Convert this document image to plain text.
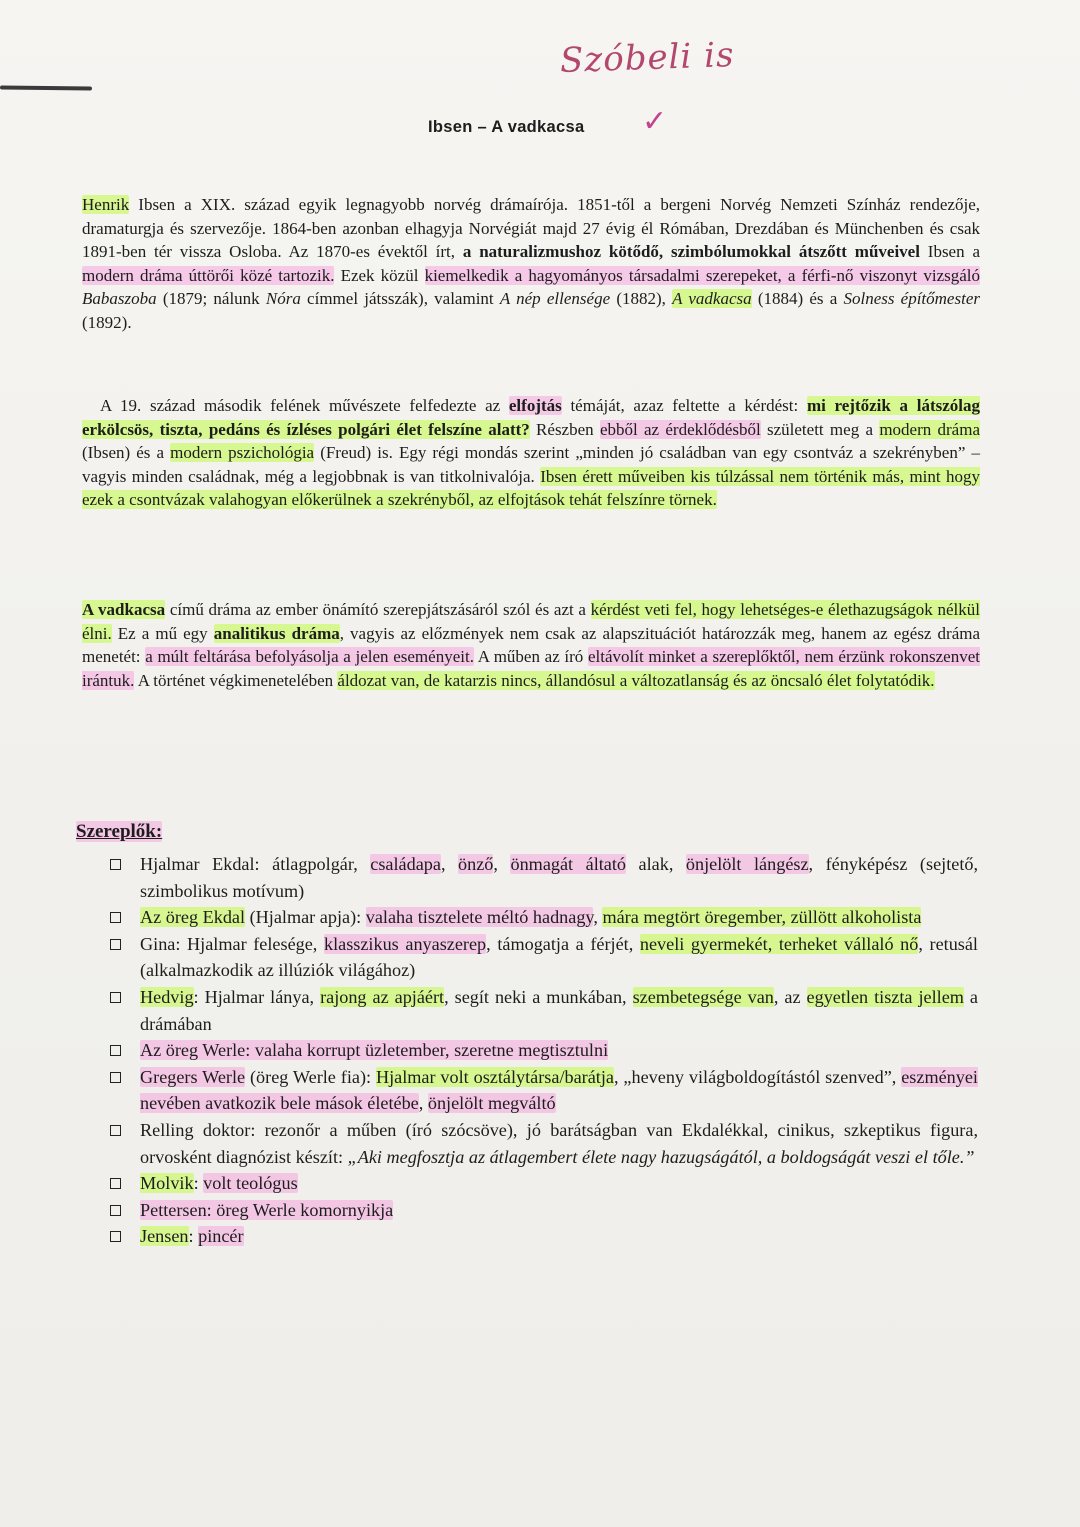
Szóbeli is
Ibsen – A vadkacsa ✓

Henrik Ibsen a XIX. század egyik legnagyobb norvég drámaírója. 1851-től a bergeni Norvég Nemzeti Színház rendezője, dramaturgja és szervezője. 1864-ben azonban elhagyja Norvégiát majd 27 évig él Rómában, Drezdában és Münchenben és csak 1891-ben tér vissza Osloba. Az 1870-es évektől írt, a naturalizmushoz kötődő, szimbólumokkal átszőtt műveivel Ibsen a modern dráma úttörői közé tartozik. Ezek közül kiemelkedik a hagyományos társadalmi szerepeket, a férfi-nő viszonyt vizsgáló Babaszoba (1879; nálunk Nóra címmel játsszák), valamint A nép ellensége (1882), A vadkacsa (1884) és a Solness építőmester (1892).

A 19. század második felének művészete felfedezte az elfojtás témáját, azaz feltette a kérdést: mi rejtőzik a látszólag erkölcsös, tiszta, pedáns és ízléses polgári élet felszíne alatt? Részben ebből az érdeklődésből született meg a modern dráma (Ibsen) és a modern pszichológia (Freud) is. Egy régi mondás szerint „minden jó családban van egy csontváz a szekrényben” – vagyis minden családnak, még a legjobbnak is van titkolnivalója. Ibsen érett műveiben kis túlzással nem történik más, mint hogy ezek a csontvázak valahogyan előkerülnek a szekrényből, az elfojtások tehát felszínre törnek.

A vadkacsa című dráma az ember önámító szerepjátszásáról szól és azt a kérdést veti fel, hogy lehetséges-e élethazugságok nélkül élni. Ez a mű egy analitikus dráma, vagyis az előzmények nem csak az alapszituációt határozzák meg, hanem az egész dráma menetét: a múlt feltárása befolyásolja a jelen eseményeit. A műben az író eltávolít minket a szereplőktől, nem érzünk rokonszenvet irántuk. A történet végkimenetelében áldozat van, de katarzis nincs, állandósul a változatlanság és az öncsaló élet folytatódik.

Szereplők:
Hjalmar Ekdal: átlagpolgár, családapa, önző, önmagát áltató alak, önjelölt lángész, fényképész (sejtető, szimbolikus motívum)
Az öreg Ekdal (Hjalmar apja): valaha tisztelete méltó hadnagy, mára megtört öregember, züllött alkoholista
Gina: Hjalmar felesége, klasszikus anyaszerep, támogatja a férjét, neveli gyermekét, terheket vállaló nő, retusál (alkalmazkodik az illúziók világához)
Hedvig: Hjalmar lánya, rajong az apjáért, segít neki a munkában, szembetegsége van, az egyetlen tiszta jellem a drámában
Az öreg Werle: valaha korrupt üzletember, szeretne megtisztulni
Gregers Werle (öreg Werle fia): Hjalmar volt osztálytársa/barátja, „heveny világboldogítástól szenved”, eszményei nevében avatkozik bele mások életébe, önjelölt megváltó
Relling doktor: rezonőr a műben (író szócsöve), jó barátságban van Ekdalékkal, cinikus, szkeptikus figura, orvosként diagnózist készít: „Aki megfosztja az átlagembert élete nagy hazugságától, a boldogságát veszi el tőle.”
Molvik: volt teológus
Pettersen: öreg Werle komornyikja
Jensen: pincér
